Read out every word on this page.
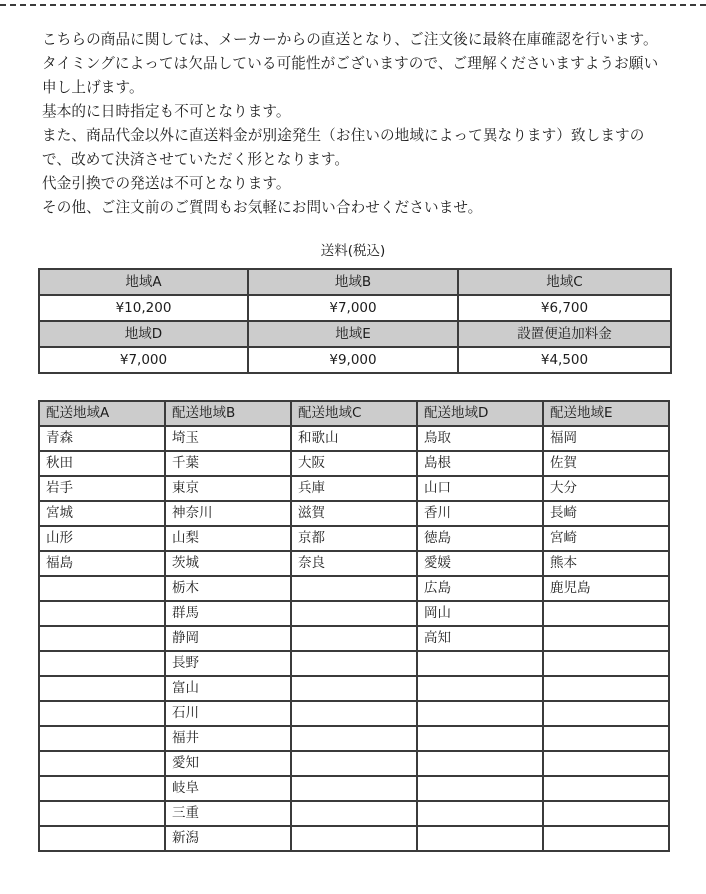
こちらの商品に関しては、メーカーからの直送となり、ご注文後に最終在庫確認を行います。

タイミングによっては欠品している可能性がございますので、ご理解くださいますようお願い申し上げます。

基本的に日時指定も不可となります。

また、商品代金以外に直送料金が別途発生（お住いの地域によって異なります）致しますので、改めて決済させていただく形となります。

代金引換での発送は不可となります。

その他、ご注文前のご質問もお気軽にお問い合わせくださいませ。

送料(税込)
地域A	地域B	地域C
¥10,200	¥7,000	¥6,700
地域D	地域E	設置便追加料金
¥7,000	¥9,000	¥4,500
配送地域A	配送地域B	配送地域C	配送地域D	配送地域E
青森	埼玉	和歌山	鳥取	福岡
秋田	千葉	大阪	島根	佐賀
岩手	東京	兵庫	山口	大分
宮城	神奈川	滋賀	香川	長崎
山形	山梨	京都	徳島	宮崎
福島	茨城	奈良	愛媛	熊本
	栃木		広島	鹿児島
	群馬		岡山	
	静岡		高知	
	長野			
	富山			
	石川			
	福井			
	愛知			
	岐阜			
	三重			
	新潟			
